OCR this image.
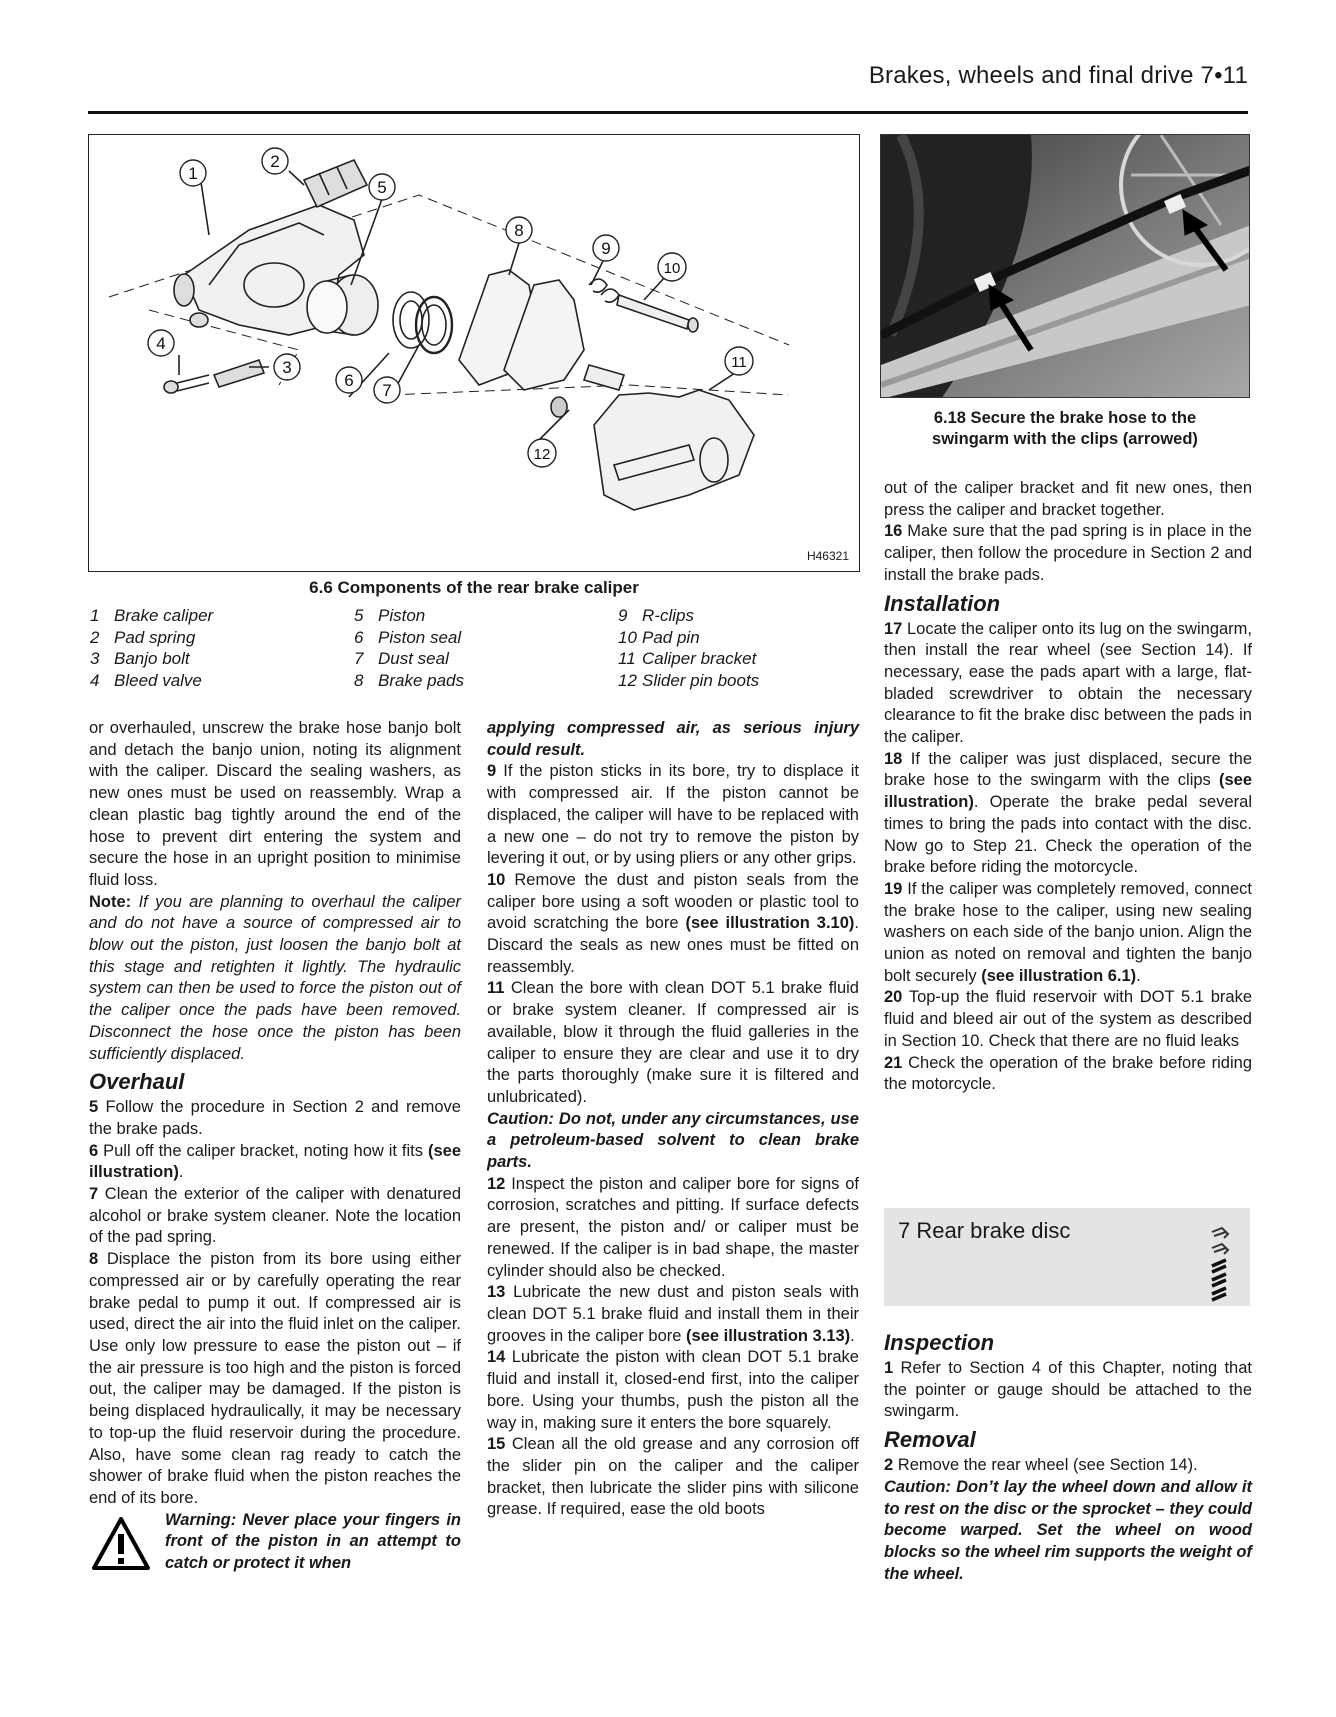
Brakes, wheels and final drive 7•11
1
2
3
4
5
6
7
8
9
10
11
12
H46321
6.6 Components of the rear brake caliper
1 Brake caliper
2 Pad spring
3 Banjo bolt
4 Bleed valve
5 Piston
6 Piston seal
7 Dust seal
8 Brake pads
9 R-clips
10 Pad pin
11 Caliper bracket
12 Slider pin boots
6.18 Secure the brake hose to the
swingarm with the clips (arrowed)

or overhauled, unscrew the brake hose banjo bolt and detach the banjo union, noting its alignment with the caliper. Discard the sealing washers, as new ones must be used on reassembly. Wrap a clean plastic bag tightly around the end of the hose to prevent dirt entering the system and secure the hose in an upright position to minimise fluid loss.

Note: If you are planning to overhaul the caliper and do not have a source of compressed air to blow out the piston, just loosen the banjo bolt at this stage and retighten it lightly. The hydraulic system can then be used to force the piston out of the caliper once the pads have been removed. Disconnect the hose once the piston has been sufficiently displaced.

Overhaul

5 Follow the procedure in Section 2 and remove the brake pads.

6 Pull off the caliper bracket, noting how it fits (see illustration).

7 Clean the exterior of the caliper with denatured alcohol or brake system cleaner. Note the location of the pad spring.

8 Displace the piston from its bore using either compressed air or by carefully operating the rear brake pedal to pump it out. If compressed air is used, direct the air into the fluid inlet on the caliper. Use only low pressure to ease the piston out – if the air pressure is too high and the piston is forced out, the caliper may be damaged. If the piston is being displaced hydraulically, it may be necessary to top-up the fluid reservoir during the procedure. Also, have some clean rag ready to catch the shower of brake fluid when the piston reaches the end of its bore.

Warning: Never place your fingers in front of the piston in an attempt to catch or protect it when

applying compressed air, as serious injury could result.

9 If the piston sticks in its bore, try to displace it with compressed air. If the piston cannot be displaced, the caliper will have to be replaced with a new one – do not try to remove the piston by levering it out, or by using pliers or any other grips.

10 Remove the dust and piston seals from the caliper bore using a soft wooden or plastic tool to avoid scratching the bore (see illustration 3.10). Discard the seals as new ones must be fitted on reassembly.

11 Clean the bore with clean DOT 5.1 brake fluid or brake system cleaner. If compressed air is available, blow it through the fluid galleries in the caliper to ensure they are clear and use it to dry the parts thoroughly (make sure it is filtered and unlubricated).

Caution: Do not, under any circumstances, use a petroleum-based solvent to clean brake parts.

12 Inspect the piston and caliper bore for signs of corrosion, scratches and pitting. If surface defects are present, the piston and/ or caliper must be renewed. If the caliper is in bad shape, the master cylinder should also be checked.

13 Lubricate the new dust and piston seals with clean DOT 5.1 brake fluid and install them in their grooves in the caliper bore (see illustration 3.13).

14 Lubricate the piston with clean DOT 5.1 brake fluid and install it, closed-end first, into the caliper bore. Using your thumbs, push the piston all the way in, making sure it enters the bore squarely.

15 Clean all the old grease and any corrosion off the slider pin on the caliper and the caliper bracket, then lubricate the slider pins with silicone grease. If required, ease the old boots

out of the caliper bracket and fit new ones, then press the caliper and bracket together.

16 Make sure that the pad spring is in place in the caliper, then follow the procedure in Section 2 and install the brake pads.

Installation

17 Locate the caliper onto its lug on the swingarm, then install the rear wheel (see Section 14). If necessary, ease the pads apart with a large, flat-bladed screwdriver to obtain the necessary clearance to fit the brake disc between the pads in the caliper.

18 If the caliper was just displaced, secure the brake hose to the swingarm with the clips (see illustration). Operate the brake pedal several times to bring the pads into contact with the disc. Now go to Step 21. Check the operation of the brake before riding the motorcycle.

19 If the caliper was completely removed, connect the brake hose to the caliper, using new sealing washers on each side of the banjo union. Align the union as noted on removal and tighten the banjo bolt securely (see illustration 6.1).

20 Top-up the fluid reservoir with DOT 5.1 brake fluid and bleed air out of the system as described in Section 10. Check that there are no fluid leaks

21 Check the operation of the brake before riding the motorcycle.

7 Rear brake disc
Inspection

1 Refer to Section 4 of this Chapter, noting that the pointer or gauge should be attached to the swingarm.

Removal

2 Remove the rear wheel (see Section 14).

Caution: Don’t lay the wheel down and allow it to rest on the disc or the sprocket – they could become warped. Set the wheel on wood blocks so the wheel rim supports the weight of the wheel.
